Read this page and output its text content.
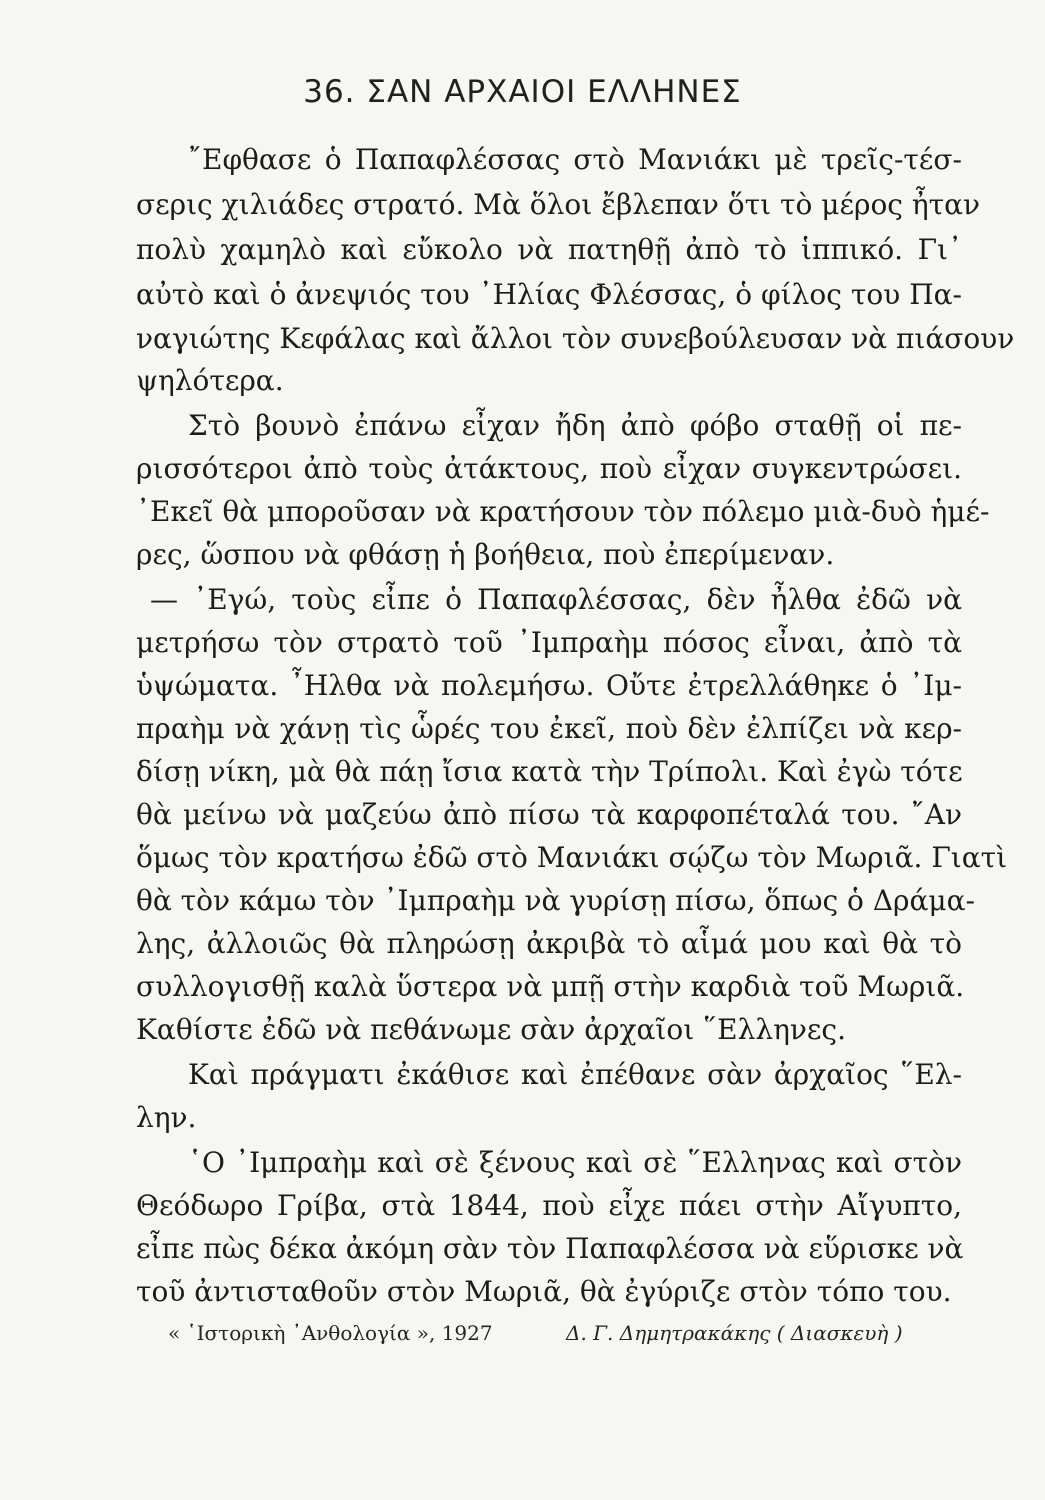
36. ΣΑΝ ΑΡΧΑΙΟΙ ΕΛΛΗΝΕΣ
῎Εφθασε ὁ Παπαφλέσσας στὸ Μανιάκι μὲ τρεῖς-τέσ-
σερις χιλιάδες στρατό. Μὰ ὅλοι ἔβλεπαν ὅτι τὸ μέρος ἦταν
πολὺ χαμηλὸ καὶ εὔκολο νὰ πατηθῇ ἀπὸ τὸ ἱππικό. Γι᾽
αὐτὸ καὶ ὁ ἀνεψιός του ᾽Ηλίας Φλέσσας, ὁ φίλος του Πα-
ναγιώτης Κεφάλας καὶ ἄλλοι τὸν συνεβούλευσαν νὰ πιάσουν
ψηλότερα.
Στὸ βουνὸ ἐπάνω εἶχαν ἤδη ἀπὸ φόβο σταθῇ οἱ πε-
ρισσότεροι ἀπὸ τοὺς ἀτάκτους, ποὺ εἶχαν συγκεντρώσει.
᾽Εκεῖ θὰ μποροῦσαν νὰ κρατήσουν τὸν πόλεμο μιὰ-δυὸ ἡμέ-
ρες, ὥσπου νὰ φθάσῃ ἡ βοήθεια, ποὺ ἐπερίμεναν.
— ᾽Εγώ, τοὺς εἶπε ὁ Παπαφλέσσας, δὲν ἦλθα ἐδῶ νὰ
μετρήσω τὸν στρατὸ τοῦ ᾽Ιμπραὴμ πόσος εἶναι, ἀπὸ τὰ
ὑψώματα. ῏Ηλθα νὰ πολεμήσω. Οὔτε ἐτρελλάθηκε ὁ ᾽Ιμ-
πραὴμ νὰ χάνῃ τὶς ὧρές του ἐκεῖ, ποὺ δὲν ἐλπίζει νὰ κερ-
δίσῃ νίκη, μὰ θὰ πάῃ ἴσια κατὰ τὴν Τρίπολι. Καὶ ἐγὼ τότε
θὰ μείνω νὰ μαζεύω ἀπὸ πίσω τὰ καρφοπέταλά του. ῎Αν
ὅμως τὸν κρατήσω ἐδῶ στὸ Μανιάκι σῴζω τὸν Μωριᾶ. Γιατὶ
θὰ τὸν κάμω τὸν ᾽Ιμπραὴμ νὰ γυρίσῃ πίσω, ὅπως ὁ Δράμα-
λης, ἀλλοιῶς θὰ πληρώσῃ ἀκριβὰ τὸ αἷμά μου καὶ θὰ τὸ
συλλογισθῇ καλὰ ὕστερα νὰ μπῇ στὴν καρδιὰ τοῦ Μωριᾶ.
Καθίστε ἐδῶ νὰ πεθάνωμε σὰν ἀρχαῖοι ῞Ελληνες.
Καὶ πράγματι ἐκάθισε καὶ ἐπέθανε σὰν ἀρχαῖος ῞Ελ-
λην.
῾Ο ᾽Ιμπραὴμ καὶ σὲ ξένους καὶ σὲ ῞Ελληνας καὶ στὸν
Θεόδωρο Γρίβα, στὰ 1844, ποὺ εἶχε πάει στὴν Αἴγυπτο,
εἶπε πὼς δέκα ἀκόμη σὰν τὸν Παπαφλέσσα νὰ εὕρισκε νὰ
τοῦ ἀντισταθοῦν στὸν Μωριᾶ, θὰ ἐγύριζε στὸν τόπο του.
« ῾Ιστορικὴ ᾽Ανθολογία », 1927	Δ. Γ. Δημητρακάκης ( Διασκευὴ )
